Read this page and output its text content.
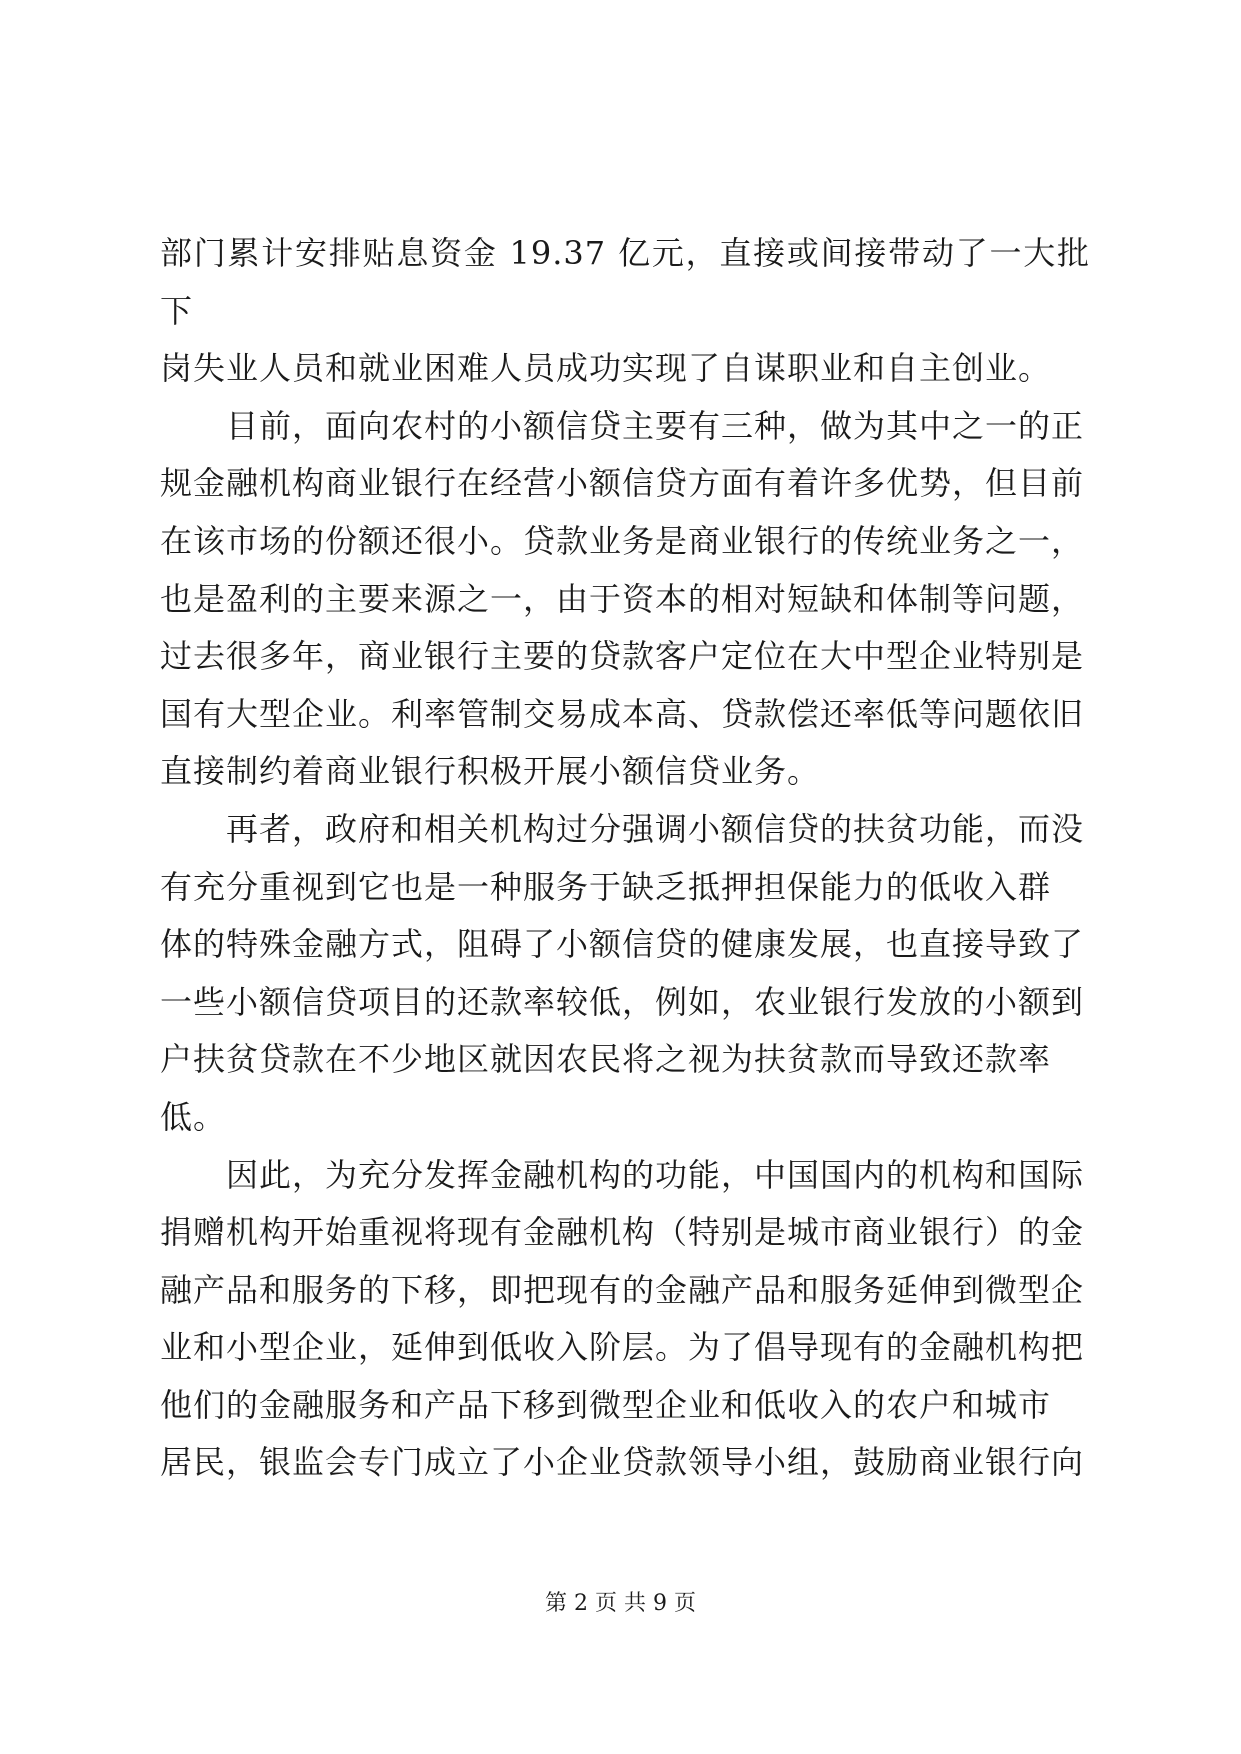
部门累计安排贴息资金 19.37 亿元，直接或间接带动了一大批下
岗失业人员和就业困难人员成功实现了自谋职业和自主创业。

目前，面向农村的小额信贷主要有三种，做为其中之一的正
规金融机构商业银行在经营小额信贷方面有着许多优势，但目前
在该市场的份额还很小。贷款业务是商业银行的传统业务之一，
也是盈利的主要来源之一，由于资本的相对短缺和体制等问题，
过去很多年，商业银行主要的贷款客户定位在大中型企业特别是
国有大型企业。利率管制交易成本高、贷款偿还率低等问题依旧
直接制约着商业银行积极开展小额信贷业务。

再者，政府和相关机构过分强调小额信贷的扶贫功能，而没
有充分重视到它也是一种服务于缺乏抵押担保能力的低收入群
体的特殊金融方式，阻碍了小额信贷的健康发展，也直接导致了
一些小额信贷项目的还款率较低，例如，农业银行发放的小额到
户扶贫贷款在不少地区就因农民将之视为扶贫款而导致还款率
低。

因此，为充分发挥金融机构的功能，中国国内的机构和国际
捐赠机构开始重视将现有金融机构（特别是城市商业银行）的金
融产品和服务的下移，即把现有的金融产品和服务延伸到微型企
业和小型企业，延伸到低收入阶层。为了倡导现有的金融机构把
他们的金融服务和产品下移到微型企业和低收入的农户和城市
居民，银监会专门成立了小企业贷款领导小组，鼓励商业银行向

第 2 页 共 9 页
